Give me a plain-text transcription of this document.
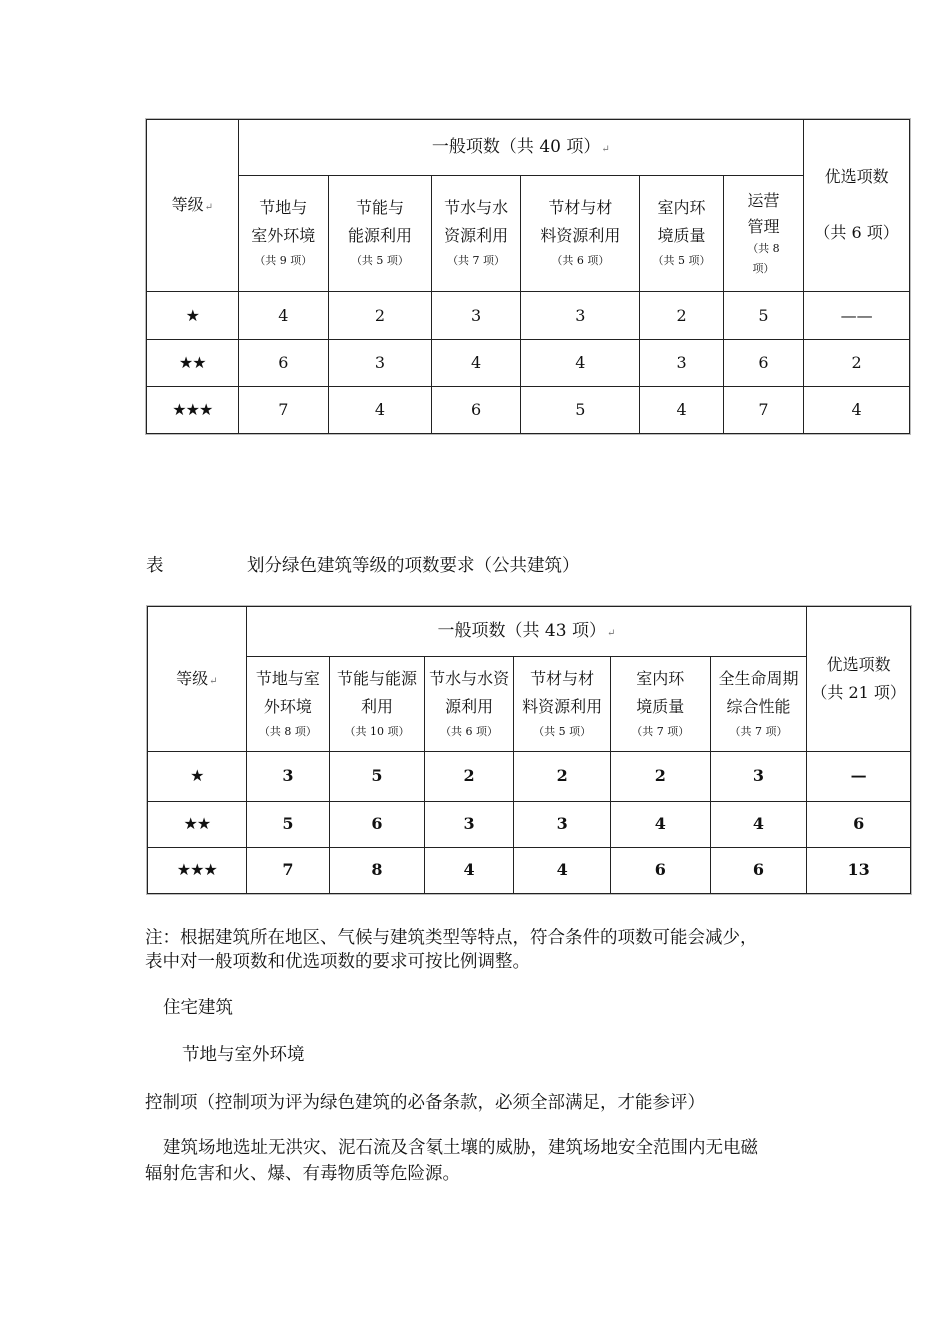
等级↵	一般项数（共 40 项）↵						优选项数

（共 6 项）
	节地与
室外环境
（共 9 项）	节能与
能源利用
（共 5 项）	节水与水
资源利用
（共 7 项）	节材与材
料资源利用
（共 6 项）	室内环
境质量
（共 5 项）	运营
管理

（共 8
项）	

★	4	2	3	3	2	5	——
★★	6	3	4	4	3	6	2
★★★	7	4	6	5	4	7	4
表	划分绿色建筑等级的项数要求（公共建筑）
等级↵	一般项数（共 43 项）↵						优选项数
（共 21 项）
	节地与室
外环境
（共 8 项）	节能与能源
利用
（共 10 项）	节水与水资
源利用
（共 6 项）	节材与材
料资源利用
（共 5 项）	室内环
境质量
（共 7 项）	全生命周期
综合性能
（共 7 项）	

★	3	5	2	2	2	3	—
★★	5	6	3	3	4	4	6
★★★	7	8	4	4	6	6	13
注：根据建筑所在地区、气候与建筑类型等特点，符合条件的项数可能会减少，
表中对一般项数和优选项数的要求可按比例调整。
住宅建筑
节地与室外环境
控制项（控制项为评为绿色建筑的必备条款，必须全部满足，才能参评）
建筑场地选址无洪灾、泥石流及含氡土壤的威胁，建筑场地安全范围内无电磁
辐射危害和火、爆、有毒物质等危险源。
